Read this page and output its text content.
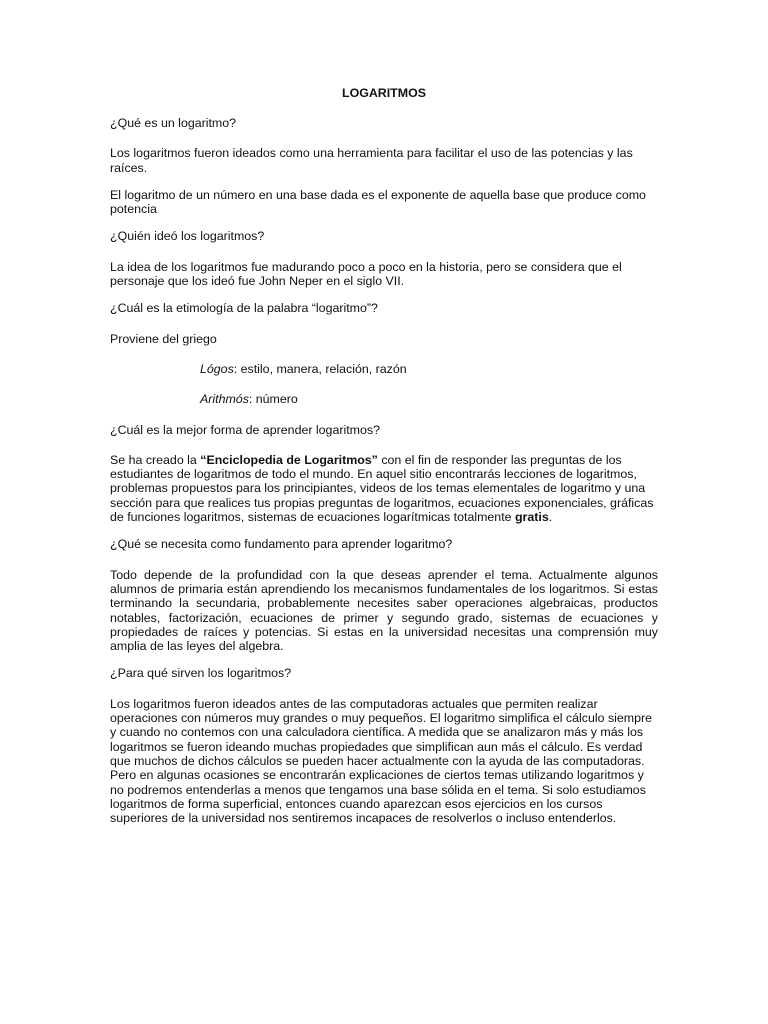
LOGARITMOS

¿Qué es un logaritmo?

Los logaritmos fueron ideados como una herramienta para facilitar el uso de las potencias y las raíces.

El logaritmo de un número en una base dada es el exponente de aquella base que produce como potencia

¿Quién ideó los logaritmos?

La idea de los logaritmos fue madurando poco a poco en la historia, pero se considera que el personaje que los ideó fue John Neper en el siglo VII.

¿Cuál es la etimología de la palabra “logaritmo”?

Proviene del griego

Lógos: estilo, manera, relación, razón

Arithmós: número

¿Cuál es la mejor forma de aprender logaritmos?

Se ha creado la “Enciclopedia de Logaritmos” con el fin de responder las preguntas de los estudiantes de logaritmos de todo el mundo. En aquel sitio encontrarás lecciones de logaritmos, problemas propuestos para los principiantes, videos de los temas elementales de logaritmo y una sección para que realices tus propias preguntas de logaritmos, ecuaciones exponenciales, gráficas de funciones logaritmos, sistemas de ecuaciones logarítmicas totalmente gratis.

¿Qué se necesita como fundamento para aprender logaritmo?

Todo depende de la profundidad con la que deseas aprender el tema. Actualmente algunos alumnos de primaria están aprendiendo los mecanismos fundamentales de los logaritmos. Si estas terminando la secundaria, probablemente necesites saber operaciones algebraicas, productos notables, factorización, ecuaciones de primer y segundo grado, sistemas de ecuaciones y propiedades de raíces y potencias. Si estas en la universidad necesitas una comprensión muy amplia de las leyes del algebra.

¿Para qué sirven los logaritmos?

Los logaritmos fueron ideados antes de las computadoras actuales que permiten realizar operaciones con números muy grandes o muy pequeños. El logaritmo simplifica el cálculo siempre y cuando no contemos con una calculadora científica. A medida que se analizaron más y más los logaritmos se fueron ideando muchas propiedades que simplifican aun más el cálculo. Es verdad que muchos de dichos cálculos se pueden hacer actualmente con la ayuda de las computadoras. Pero en algunas ocasiones se encontrarán explicaciones de ciertos temas utilizando logaritmos y no podremos entenderlas a menos que tengamos una base sólida en el tema. Si solo estudiamos logaritmos de forma superficial, entonces cuando aparezcan esos ejercicios en los cursos superiores de la universidad nos sentiremos incapaces de resolverlos o incluso entenderlos.
